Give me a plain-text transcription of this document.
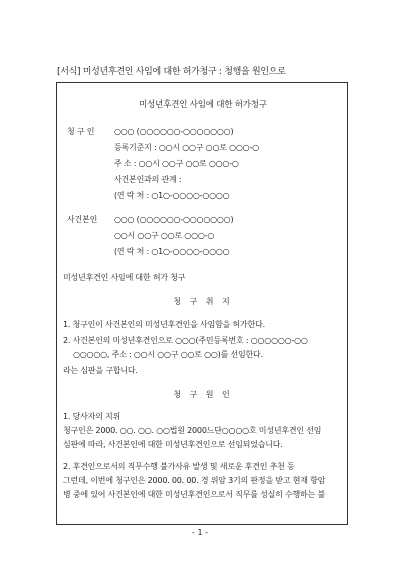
[서식] 미성년후견인 사임에 대한 허가청구 : 청행을 원인으로
미성년후견인 사임에 대한 허가청구
청 구 인 ○○○ (○○○○○○-○○○○○○○)
등록기준지 : ○○시 ○○구 ○○로 ○○○-○
주 소 : ○○시 ○○구 ○○로 ○○○-○
사건본인과의 관계 :
(연 락 처 : ○1○-○○○○-○○○○
사건본인 ○○○ (○○○○○○-○○○○○○○)
○○시 ○○구 ○○로 ○○○-○
(연 락 처 : ○1○-○○○○-○○○○
미성년후견인 사임에 대한 허가 청구
청 구 취 지
1. 청구인이 사건본인의 미성년후견인을 사임함을 허가한다.
2. 사건본인의 미성년후견인으로 ○○○(주민등록번호 : ○○○○○○-○○
○○○○○, 주소 : ○○시 ○○구 ○○로 ○○)를 선임한다.
라는 심판을 구합니다.
청 구 원 인
1. 당사자의 지위
청구인은 2000. ○○. ○○. ○○법원 2000느단○○○○호 미성년후견인 선임
심판에 따라, 사건본인에 대한 미성년후견인으로 선임되었습니다.
2. 후견인으로서의 직무수행 불가사유 발생 및 새로운 후견인 추천 등
그런데, 이번에 청구인은 2000. 00. 00. 경 위암 3기의 판정을 받고 현재 항암
병 중에 있어 사건본인에 대한 미성년후견인으로서 직무를 성실히 수행하는 불
- 1 -
